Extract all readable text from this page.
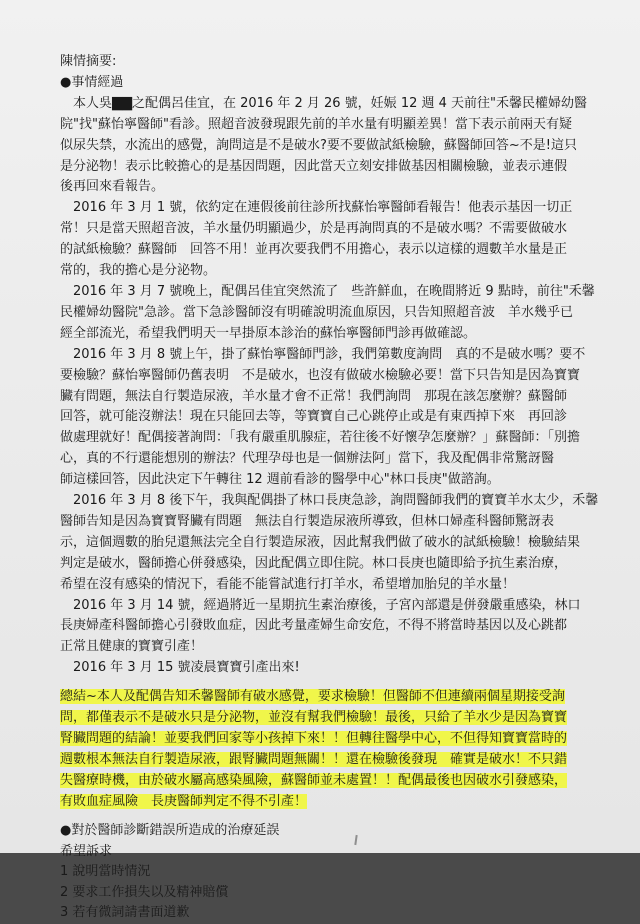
陳情摘要:
●事情經過
　本人吳▇▇之配偶呂佳宜，在 2016 年 2 月 26 號，妊娠 12 週 4 天前往"禾馨民權婦幼醫
院"找"蘇怡寧醫師"看診。照超音波發現跟先前的羊水量有明顯差異！當下表示前兩天有疑
似尿失禁，水流出的感覺，詢問這是不是破水?要不要做試紙檢驗，蘇醫師回答~不是!這只
是分泌物！表示比較擔心的是基因問題，因此當天立刻安排做基因相關檢驗，並表示連假
後再回來看報告。
　2016 年 3 月 1 號，依約定在連假後前往診所找蘇怡寧醫師看報告！他表示基因一切正
常！只是當天照超音波，羊水量仍明顯過少，於是再詢問真的不是破水嗎？不需要做破水
的試紙檢驗？蘇醫師　回答不用！並再次要我們不用擔心，表示以這樣的週數羊水量是正
常的，我的擔心是分泌物。
　2016 年 3 月 7 號晚上，配偶呂佳宜突然流了　些許鮮血，在晚間將近 9 點時，前往"禾馨
民權婦幼醫院"急診。當下急診醫師沒有明確說明流血原因，只告知照超音波　羊水幾乎已
經全部流光，希望我們明天一早掛原本診治的蘇怡寧醫師門診再做確認。
　2016 年 3 月 8 號上午，掛了蘇怡寧醫師門診，我們第數度詢問　真的不是破水嗎？要不
要檢驗？蘇怡寧醫師仍舊表明　不是破水，也沒有做破水檢驗必要！當下只告知是因為寶寶
臟有問題，無法自行製造尿液，羊水量才會不正常！我們詢問　那現在該怎麼辦？蘇醫師
回答，就可能沒辦法！現在只能回去等，等寶寶自己心跳停止或是有東西掉下來　再回診
做處理就好！配偶接著詢問：「我有嚴重肌腺症，若往後不好懷孕怎麼辦？」蘇醫師：「別擔
心，真的不行還能想別的辦法？代理孕母也是一個辦法阿」當下，我及配偶非常驚訝醫
師這樣回答，因此決定下午轉往 12 週前看診的醫學中心"林口長庚"做諮詢。
　2016 年 3 月 8 後下午，我與配偶掛了林口長庚急診，詢問醫師我們的寶寶羊水太少，禾馨
醫師告知是因為寶寶腎臟有問題　無法自行製造尿液所導致，但林口婦產科醫師驚訝表
示，這個週數的胎兒還無法完全自行製造尿液，因此幫我們做了破水的試紙檢驗！檢驗結果
判定是破水，醫師擔心併發感染，因此配偶立即住院。林口長庚也隨即給予抗生素治療，
希望在沒有感染的情況下，看能不能嘗試進行打羊水，希望增加胎兒的羊水量！
　2016 年 3 月 14 號，經過將近一星期抗生素治療後，子宮內部還是併發嚴重感染，林口
長庚婦產科醫師擔心引發敗血症，因此考量產婦生命安危，不得不將當時基因以及心跳都
正常且健康的寶寶引產！
　2016 年 3 月 15 號凌晨寶寶引產出來!
總結~本人及配偶告知禾馨醫師有破水感覺，要求檢驗！但醫師不但連續兩個星期接受詢
問，都僅表示不是破水只是分泌物，並沒有幫我們檢驗！最後，只給了羊水少是因為寶寶
腎臟問題的結論！並要我們回家等小孩掉下來！！但轉往醫學中心，不但得知寶寶當時的
週數根本無法自行製造尿液，跟腎臟問題無關！！還在檢驗後發現　確實是破水！不只錯
失醫療時機，由於破水屬高感染風險，蘇醫師並未處置！！配偶最後也因破水引發感染，
有敗血症風險　長庚醫師判定不得不引產！
●對於醫師診斷錯誤所造成的治療延誤
希望訴求
1 說明當時情況
2 要求工作損失以及精神賠償
3 若有微詞請書面道歉
